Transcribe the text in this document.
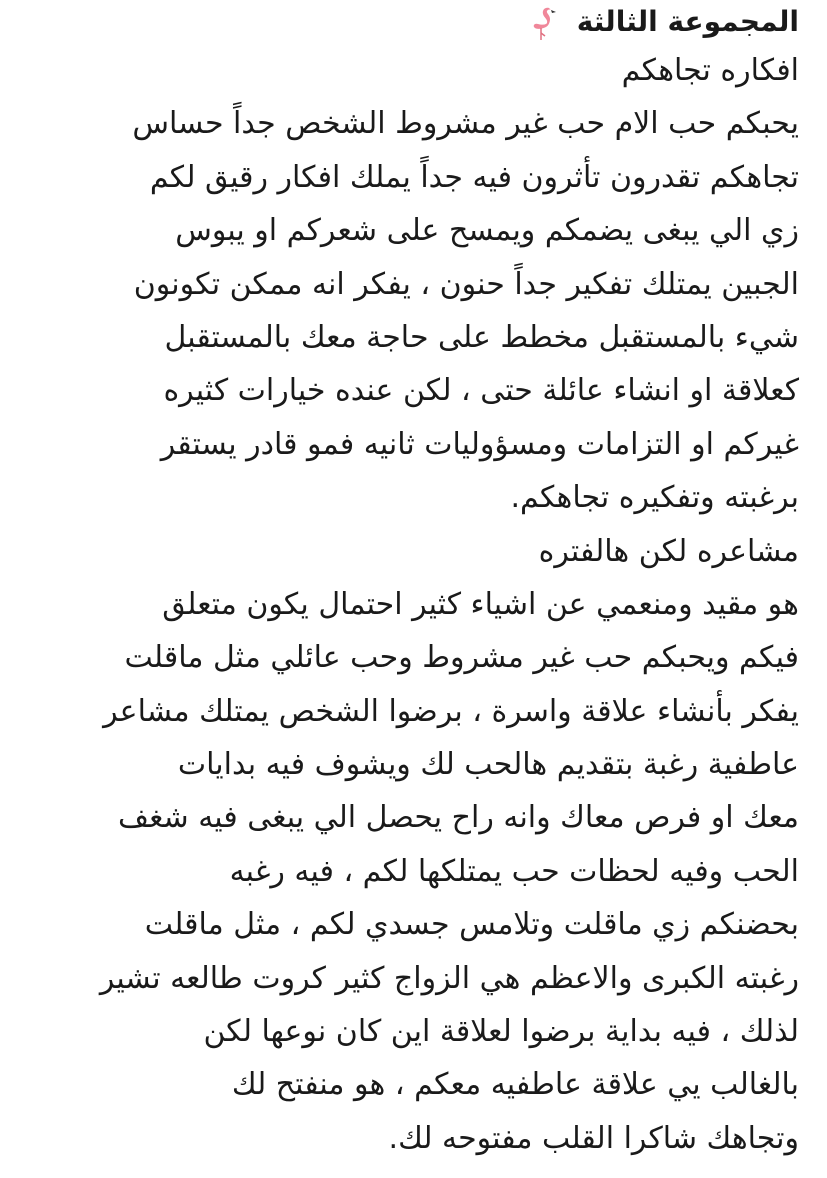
المجموعة الثالثة
افكاره تجاهكم
يحبكم حب الام حب غير مشروط الشخص جداً حساس
تجاهكم تقدرون تأثرون فيه جداً يملك افكار رقيق لكم
زي الي يبغى يضمكم ويمسح على شعركم او يبوس
الجبين يمتلك تفكير جداً حنون ، يفكر انه ممكن تكونون
شيء بالمستقبل مخطط على حاجة معك بالمستقبل
كعلاقة او انشاء عائلة حتى ، لكن عنده خيارات كثيره
غيركم او التزامات ومسؤوليات ثانيه فمو قادر يستقر
برغبته وتفكيره تجاهكم.
مشاعره لكن هالفتره
هو مقيد ومنعمي عن اشياء كثير احتمال يكون متعلق
فيكم ويحبكم حب غير مشروط وحب عائلي مثل ماقلت
يفكر بأنشاء علاقة واسرة ، برضوا الشخص يمتلك مشاعر
عاطفية رغبة بتقديم هالحب لك ويشوف فيه بدايات
معك او فرص معاك وانه راح يحصل الي يبغى فيه شغف
الحب وفيه لحظات حب يمتلكها لكم ، فيه رغبه
بحضنكم زي ماقلت وتلامس جسدي لكم ، مثل ماقلت
رغبته الكبرى والاعظم هي الزواج كثير كروت طالعه تشير
لذلك ، فيه بداية برضوا لعلاقة اين كان نوعها لكن
بالغالب يي علاقة عاطفيه معكم ، هو منفتح لك
وتجاهك شاكرا القلب مفتوحه لك.
